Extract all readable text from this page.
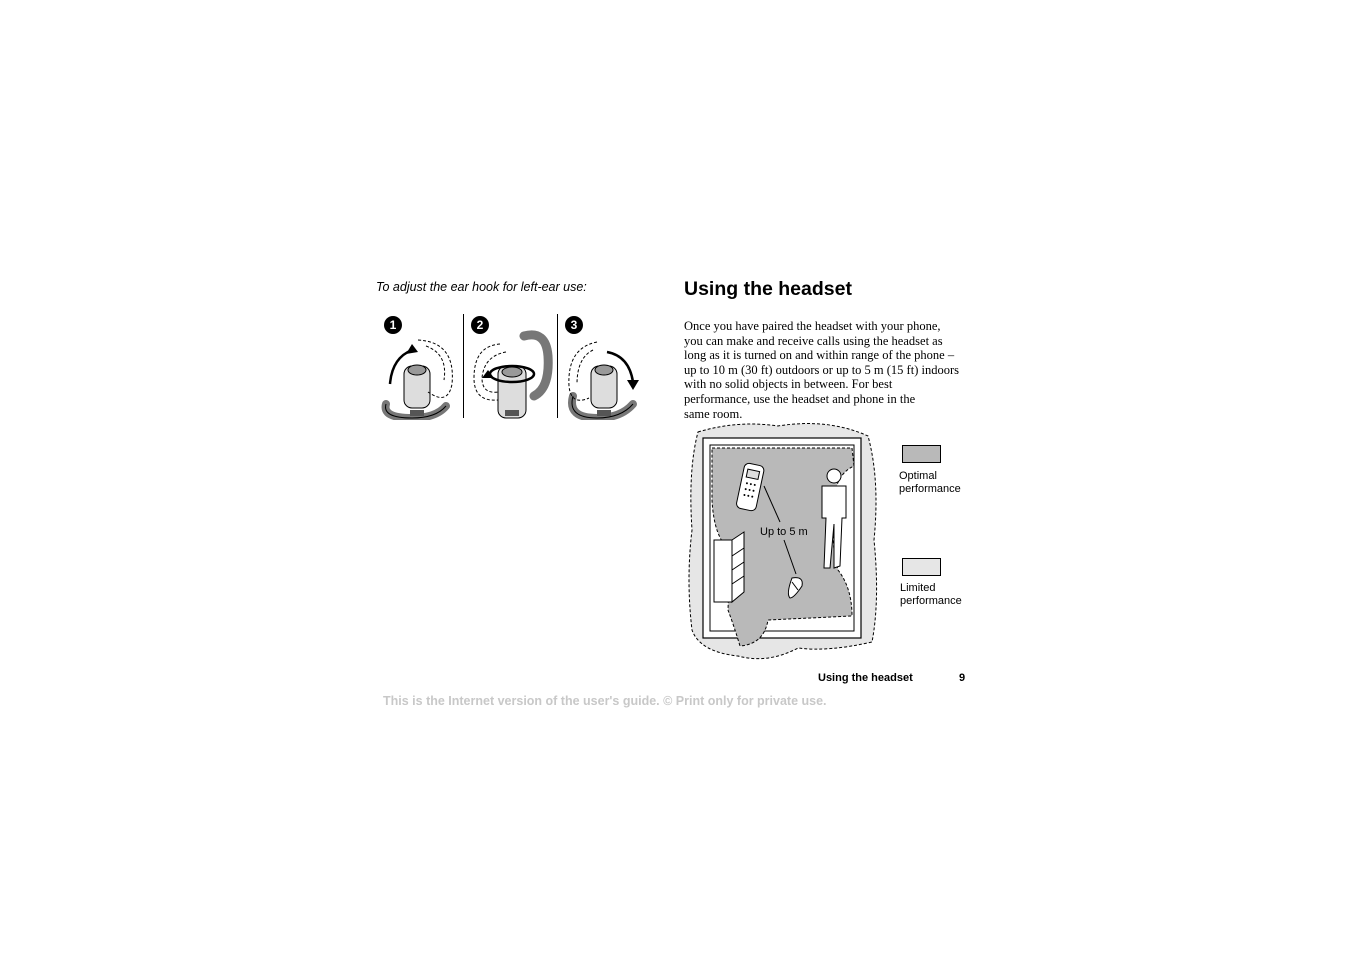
To adjust the ear hook for left-ear use:
1	2	3
Using the headset
Once you have paired the headset with your phone,
you can make and receive calls using the headset as
long as it is turned on and within range of the phone –
up to 10 m (30 ft) outdoors or up to 5 m (15 ft) indoors
with no solid objects in between. For best
performance, use the headset and phone in the
same room.
Up to 5 m
Optimal
performance
Limited
performance
Using the headset	9
This is the Internet version of the user's guide. © Print only for private use.
